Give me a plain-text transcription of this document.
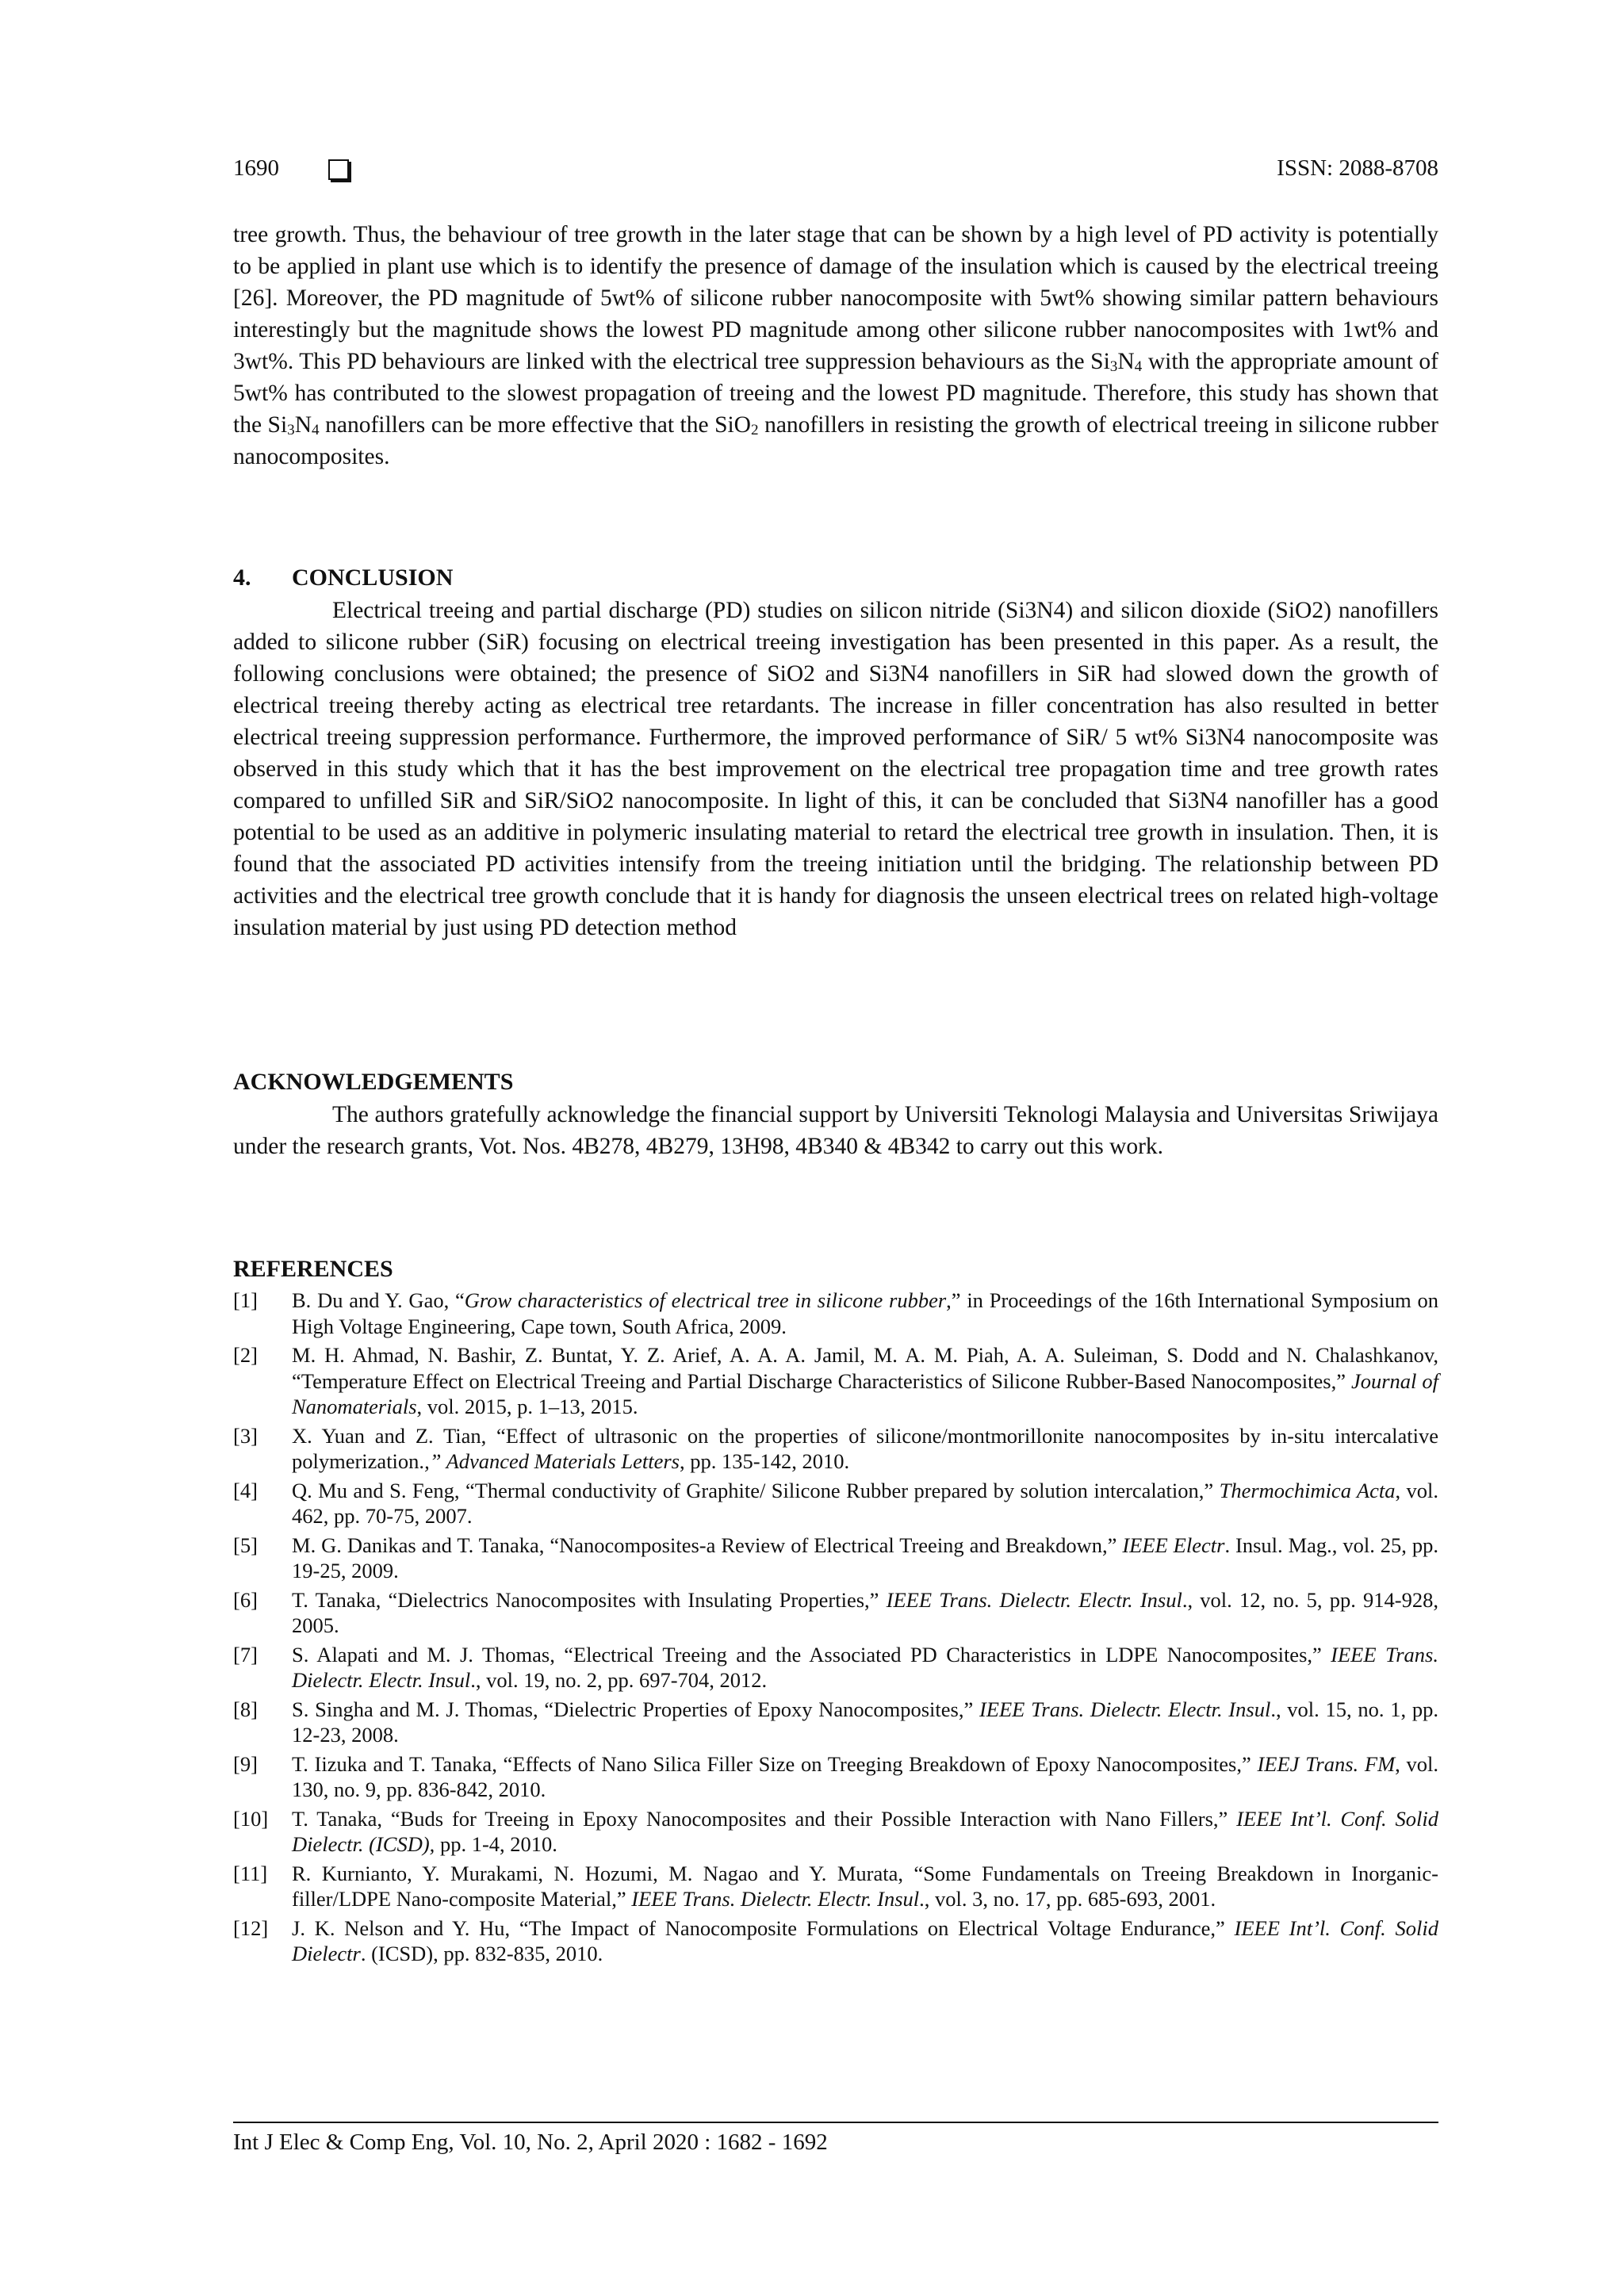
1690	ISSN: 2088-8708

tree growth. Thus, the behaviour of tree growth in the later stage that can be shown by a high level of PD activity is potentially to be applied in plant use which is to identify the presence of damage of the insulation which is caused by the electrical treeing [26]. Moreover, the PD magnitude of 5wt% of silicone rubber nanocomposite with 5wt% showing similar pattern behaviours interestingly but the magnitude shows the lowest PD magnitude among other silicone rubber nanocomposites with 1wt% and 3wt%. This PD behaviours are linked with the electrical tree suppression behaviours as the $Si_3N_4$ with the appropriate amount of 5wt% has contributed to the slowest propagation of treeing and the lowest PD magnitude. Therefore, this study has shown that the $Si_3N_4$ nanofillers can be more effective that the SiO$_2$ nanofillers in resisting the growth of electrical treeing in silicone rubber nanocomposites.

4. CONCLUSION

Electrical treeing and partial discharge (PD) studies on silicon nitride (Si3N4) and silicon dioxide (SiO2) nanofillers added to silicone rubber (SiR) focusing on electrical treeing investigation has been presented in this paper. As a result, the following conclusions were obtained; the presence of SiO2 and Si3N4 nanofillers in SiR had slowed down the growth of electrical treeing thereby acting as electrical tree retardants. The increase in filler concentration has also resulted in better electrical treeing suppression performance. Furthermore, the improved performance of SiR/ 5 wt% Si3N4 nanocomposite was observed in this study which that it has the best improvement on the electrical tree propagation time and tree growth rates compared to unfilled SiR and SiR/SiO2 nanocomposite. In light of this, it can be concluded that Si3N4 nanofiller has a good potential to be used as an additive in polymeric insulating material to retard the electrical tree growth in insulation. Then, it is found that the associated PD activities intensify from the treeing initiation until the bridging. The relationship between PD activities and the electrical tree growth conclude that it is handy for diagnosis the unseen electrical trees on related high-voltage insulation material by just using PD detection method

ACKNOWLEDGEMENTS

The authors gratefully acknowledge the financial support by Universiti Teknologi Malaysia and Universitas Sriwijaya under the research grants, Vot. Nos. 4B278, 4B279, 13H98, 4B340 & 4B342 to carry out this work.

REFERENCES
[1] B. Du and Y. Gao, “Grow characteristics of electrical tree in silicone rubber,” in Proceedings of the 16th International Symposium on High Voltage Engineering, Cape town, South Africa, 2009.
[2] M. H. Ahmad, N. Bashir, Z. Buntat, Y. Z. Arief, A. A. A. Jamil, M. A. M. Piah, A. A. Suleiman, S. Dodd and N. Chalashkanov, “Temperature Effect on Electrical Treeing and Partial Discharge Characteristics of Silicone Rubber-Based Nanocomposites,” Journal of Nanomaterials, vol. 2015, p. 1–13, 2015.
[3] X. Yuan and Z. Tian, “Effect of ultrasonic on the properties of silicone/montmorillonite nanocomposites by in-situ intercalative polymerization.,” Advanced Materials Letters, pp. 135-142, 2010.
[4] Q. Mu and S. Feng, “Thermal conductivity of Graphite/ Silicone Rubber prepared by solution intercalation,” Thermochimica Acta, vol. 462, pp. 70-75, 2007.
[5] M. G. Danikas and T. Tanaka, “Nanocomposites-a Review of Electrical Treeing and Breakdown,” IEEE Electr. Insul. Mag., vol. 25, pp. 19-25, 2009.
[6] T. Tanaka, “Dielectrics Nanocomposites with Insulating Properties,” IEEE Trans. Dielectr. Electr. Insul., vol. 12, no. 5, pp. 914-928, 2005.
[7] S. Alapati and M. J. Thomas, “Electrical Treeing and the Associated PD Characteristics in LDPE Nanocomposites,” IEEE Trans. Dielectr. Electr. Insul., vol. 19, no. 2, pp. 697-704, 2012.
[8] S. Singha and M. J. Thomas, “Dielectric Properties of Epoxy Nanocomposites,” IEEE Trans. Dielectr. Electr. Insul., vol. 15, no. 1, pp. 12-23, 2008.
[9] T. Iizuka and T. Tanaka, “Effects of Nano Silica Filler Size on Treeging Breakdown of Epoxy Nanocomposites,” IEEJ Trans. FM, vol. 130, no. 9, pp. 836-842, 2010.
[10] T. Tanaka, “Buds for Treeing in Epoxy Nanocomposites and their Possible Interaction with Nano Fillers,” IEEE Int’l. Conf. Solid Dielectr. (ICSD), pp. 1-4, 2010.
[11] R. Kurnianto, Y. Murakami, N. Hozumi, M. Nagao and Y. Murata, “Some Fundamentals on Treeing Breakdown in Inorganic- filler/LDPE Nano-composite Material,” IEEE Trans. Dielectr. Electr. Insul., vol. 3, no. 17, pp. 685-693, 2001.
[12] J. K. Nelson and Y. Hu, “The Impact of Nanocomposite Formulations on Electrical Voltage Endurance,” IEEE Int’l. Conf. Solid Dielectr. (ICSD), pp. 832-835, 2010.
Int J Elec & Comp Eng, Vol. 10, No. 2, April 2020 : 1682 - 1692
